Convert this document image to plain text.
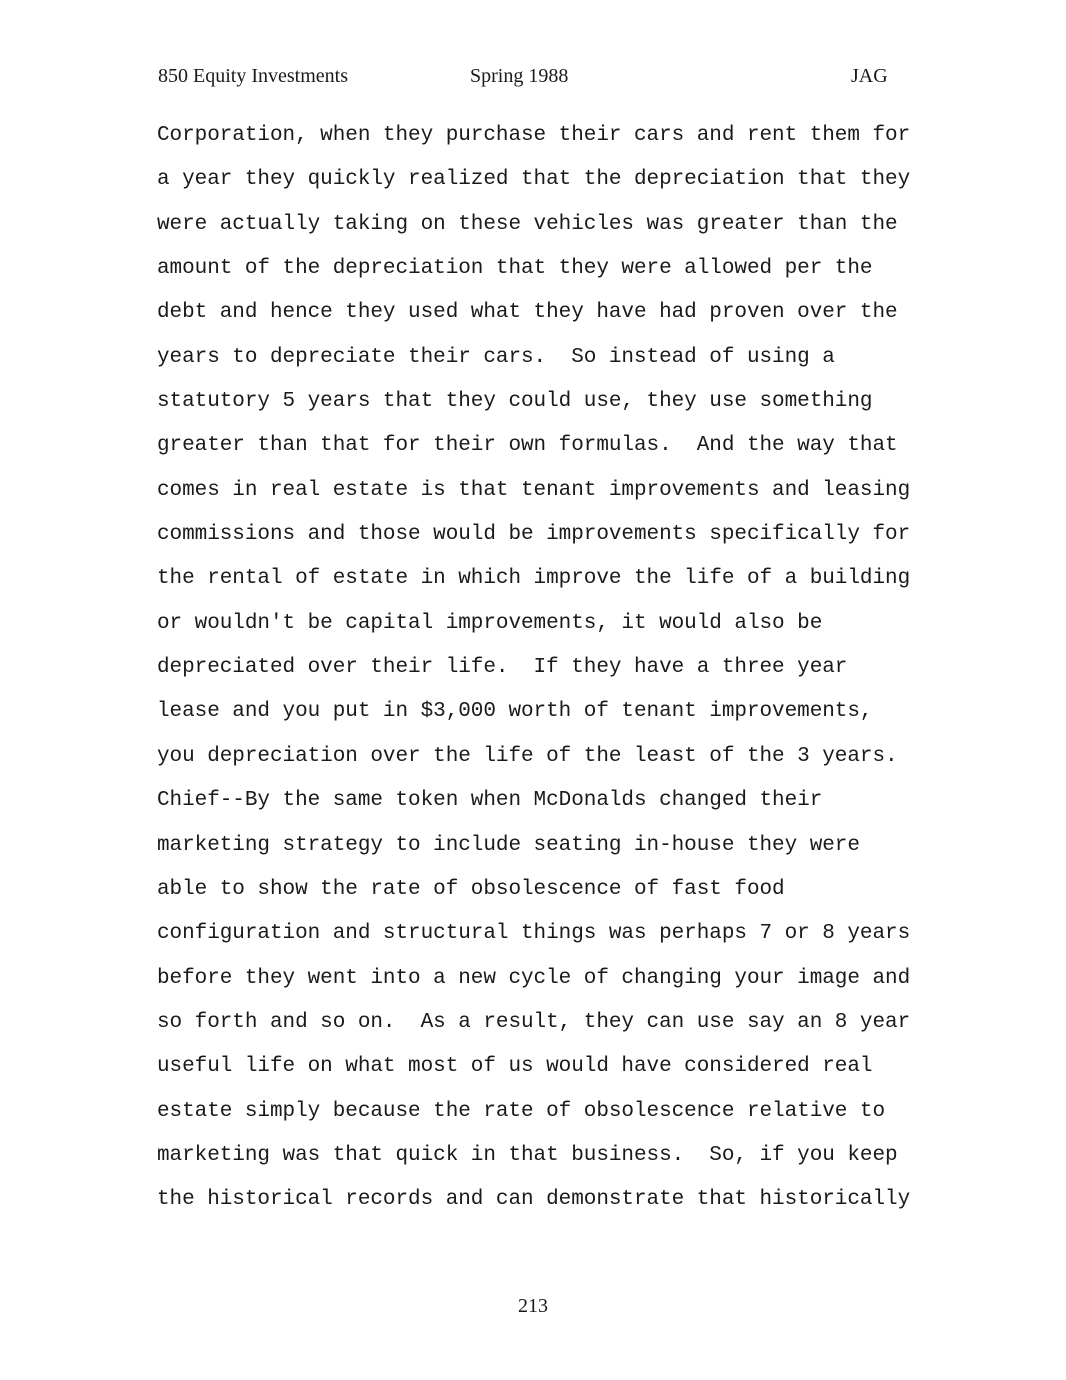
850 Equity Investments	Spring 1988	JAG
Corporation, when they purchase their cars and rent them for
a year they quickly realized that the depreciation that they
were actually taking on these vehicles was greater than the
amount of the depreciation that they were allowed per the
debt and hence they used what they have had proven over the
years to depreciate their cars.  So instead of using a
statutory 5 years that they could use, they use something
greater than that for their own formulas.  And the way that
comes in real estate is that tenant improvements and leasing
commissions and those would be improvements specifically for
the rental of estate in which improve the life of a building
or wouldn't be capital improvements, it would also be
depreciated over their life.  If they have a three year
lease and you put in $3,000 worth of tenant improvements,
you depreciation over the life of the least of the 3 years.
Chief--By the same token when McDonalds changed their
marketing strategy to include seating in-house they were
able to show the rate of obsolescence of fast food
configuration and structural things was perhaps 7 or 8 years
before they went into a new cycle of changing your image and
so forth and so on.  As a result, they can use say an 8 year
useful life on what most of us would have considered real
estate simply because the rate of obsolescence relative to
marketing was that quick in that business.  So, if you keep
the historical records and can demonstrate that historically
213
